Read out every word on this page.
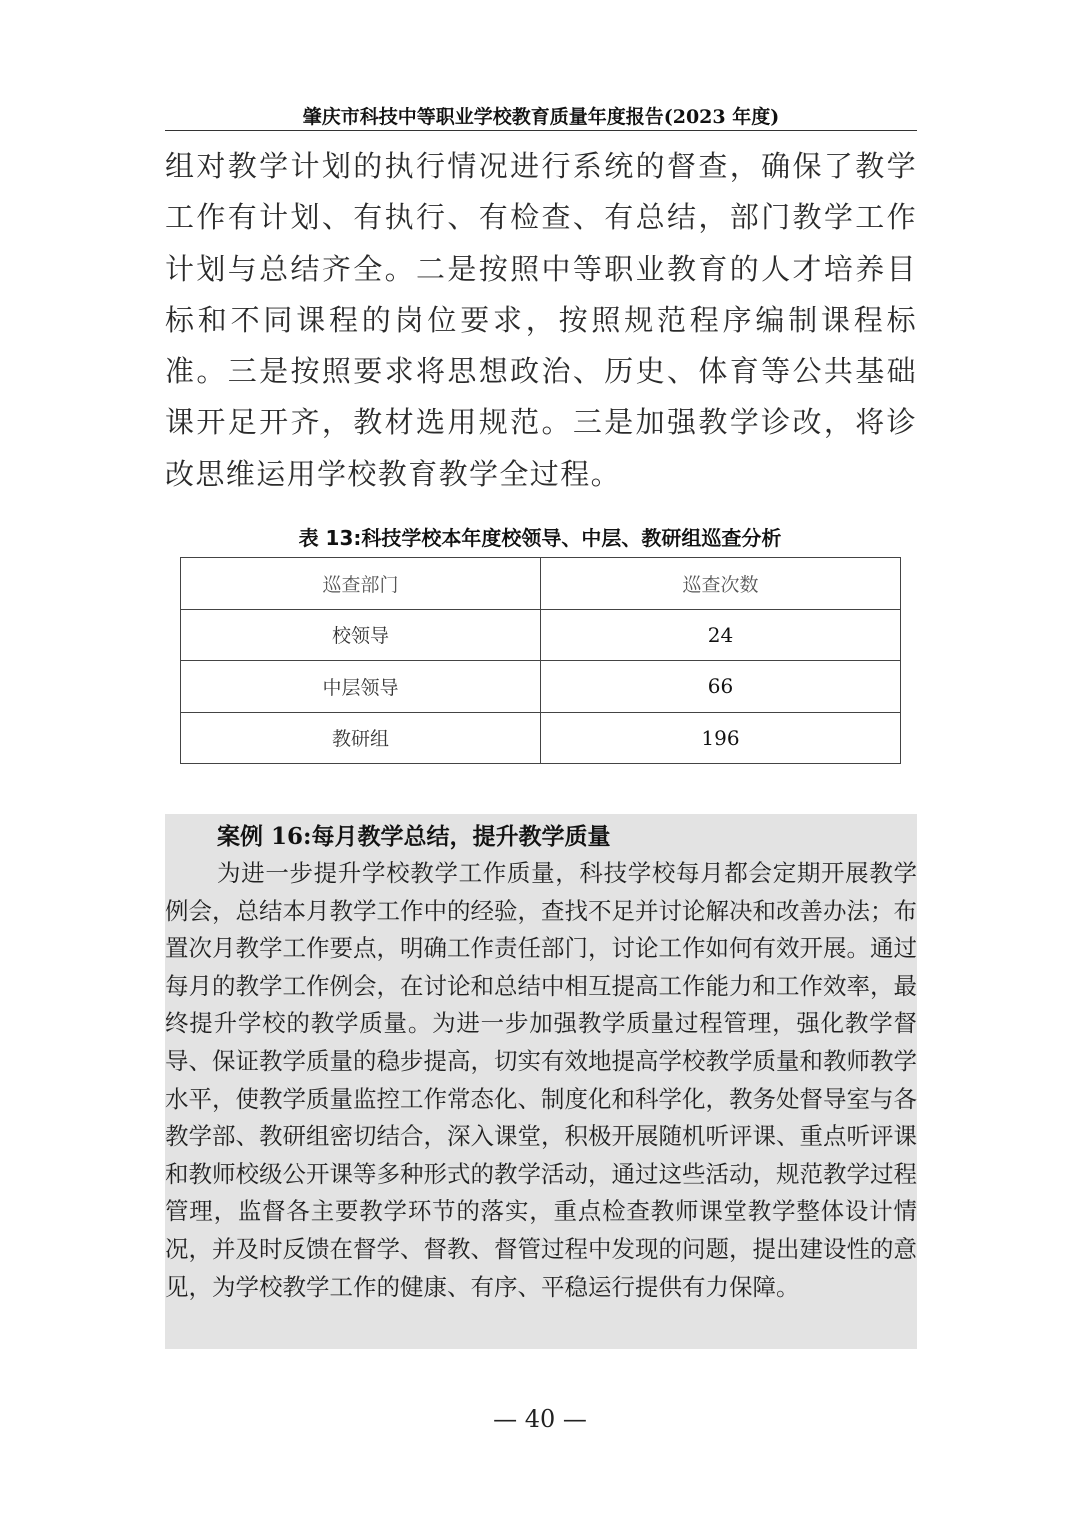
肇庆市科技中等职业学校教育质量年度报告(2023 年度)

组对教学计划的执行情况进行系统的督查，确保了教学工作有计划、有执行、有检查、有总结，部门教学工作计划与总结齐全。二是按照中等职业教育的人才培养目标和不同课程的岗位要求，按照规范程序编制课程标准。三是按照要求将思想政治、历史、体育等公共基础课开足开齐，教材选用规范。三是加强教学诊改，将诊改思维运用学校教育教学全过程。

表 13:科技学校本年度校领导、中层、教研组巡查分析
巡查部门	巡查次数
校领导	24
中层领导	66
教研组	196
案例 16:每月教学总结，提升教学质量

为进一步提升学校教学工作质量，科技学校每月都会定期开展教学例会，总结本月教学工作中的经验，查找不足并讨论解决和改善办法；布置次月教学工作要点，明确工作责任部门，讨论工作如何有效开展。通过每月的教学工作例会，在讨论和总结中相互提高工作能力和工作效率，最终提升学校的教学质量。为进一步加强教学质量过程管理，强化教学督导、保证教学质量的稳步提高，切实有效地提高学校教学质量和教师教学水平，使教学质量监控工作常态化、制度化和科学化，教务处督导室与各教学部、教研组密切结合，深入课堂，积极开展随机听评课、重点听评课和教师校级公开课等多种形式的教学活动，通过这些活动，规范教学过程管理，监督各主要教学环节的落实，重点检查教师课堂教学整体设计情况，并及时反馈在督学、督教、督管过程中发现的问题，提出建设性的意见，为学校教学工作的健康、有序、平稳运行提供有力保障。

— 40 —
